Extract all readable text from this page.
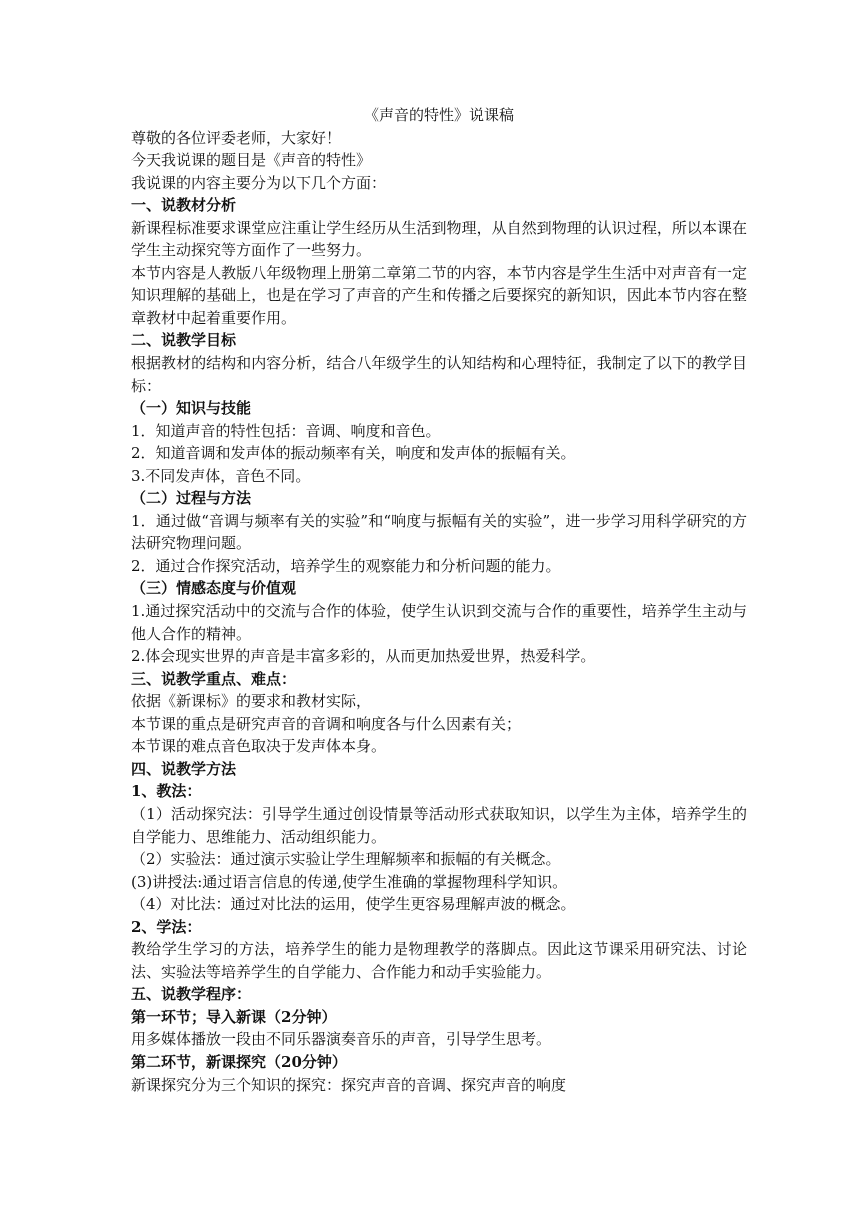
《声音的特性》说课稿

尊敬的各位评委老师，大家好！

今天我说课的题目是《声音的特性》

我说课的内容主要分为以下几个方面：

一、说教材分析

新课程标准要求课堂应注重让学生经历从生活到物理，从自然到物理的认识过程，所以本课在学生主动探究等方面作了一些努力。

本节内容是人教版八年级物理上册第二章第二节的内容，本节内容是学生生活中对声音有一定知识理解的基础上，也是在学习了声音的产生和传播之后要探究的新知识，因此本节内容在整章教材中起着重要作用。

二、说教学目标

根据教材的结构和内容分析，结合八年级学生的认知结构和心理特征，我制定了以下的教学目标：

（一）知识与技能

1．知道声音的特性包括：音调、响度和音色。

2．知道音调和发声体的振动频率有关，响度和发声体的振幅有关。

3.不同发声体，音色不同。

（二）过程与方法

1．通过做“音调与频率有关的实验”和“响度与振幅有关的实验”，进一步学习用科学研究的方法研究物理问题。

2．通过合作探究活动，培养学生的观察能力和分析问题的能力。

（三）情感态度与价值观

1.通过探究活动中的交流与合作的体验，使学生认识到交流与合作的重要性，培养学生主动与他人合作的精神。

2.体会现实世界的声音是丰富多彩的，从而更加热爱世界，热爱科学。

三、说教学重点、难点：

依据《新课标》的要求和教材实际，

本节课的重点是研究声音的音调和响度各与什么因素有关；

本节课的难点音色取决于发声体本身。

四、说教学方法

1、教法：

（1）活动探究法：引导学生通过创设情景等活动形式获取知识，以学生为主体，培养学生的自学能力、思维能力、活动组织能力。

（2）实验法：通过演示实验让学生理解频率和振幅的有关概念。

(3)讲授法:通过语言信息的传递,使学生准确的掌握物理科学知识。

（4）对比法：通过对比法的运用，使学生更容易理解声波的概念。

2、学法：

教给学生学习的方法，培养学生的能力是物理教学的落脚点。因此这节课采用研究法、讨论法、实验法等培养学生的自学能力、合作能力和动手实验能力。

五、说教学程序：

第一环节；导入新课（2分钟）

用多媒体播放一段由不同乐器演奏音乐的声音，引导学生思考。

第二环节，新课探究（20分钟）

新课探究分为三个知识的探究：探究声音的音调、探究声音的响度
